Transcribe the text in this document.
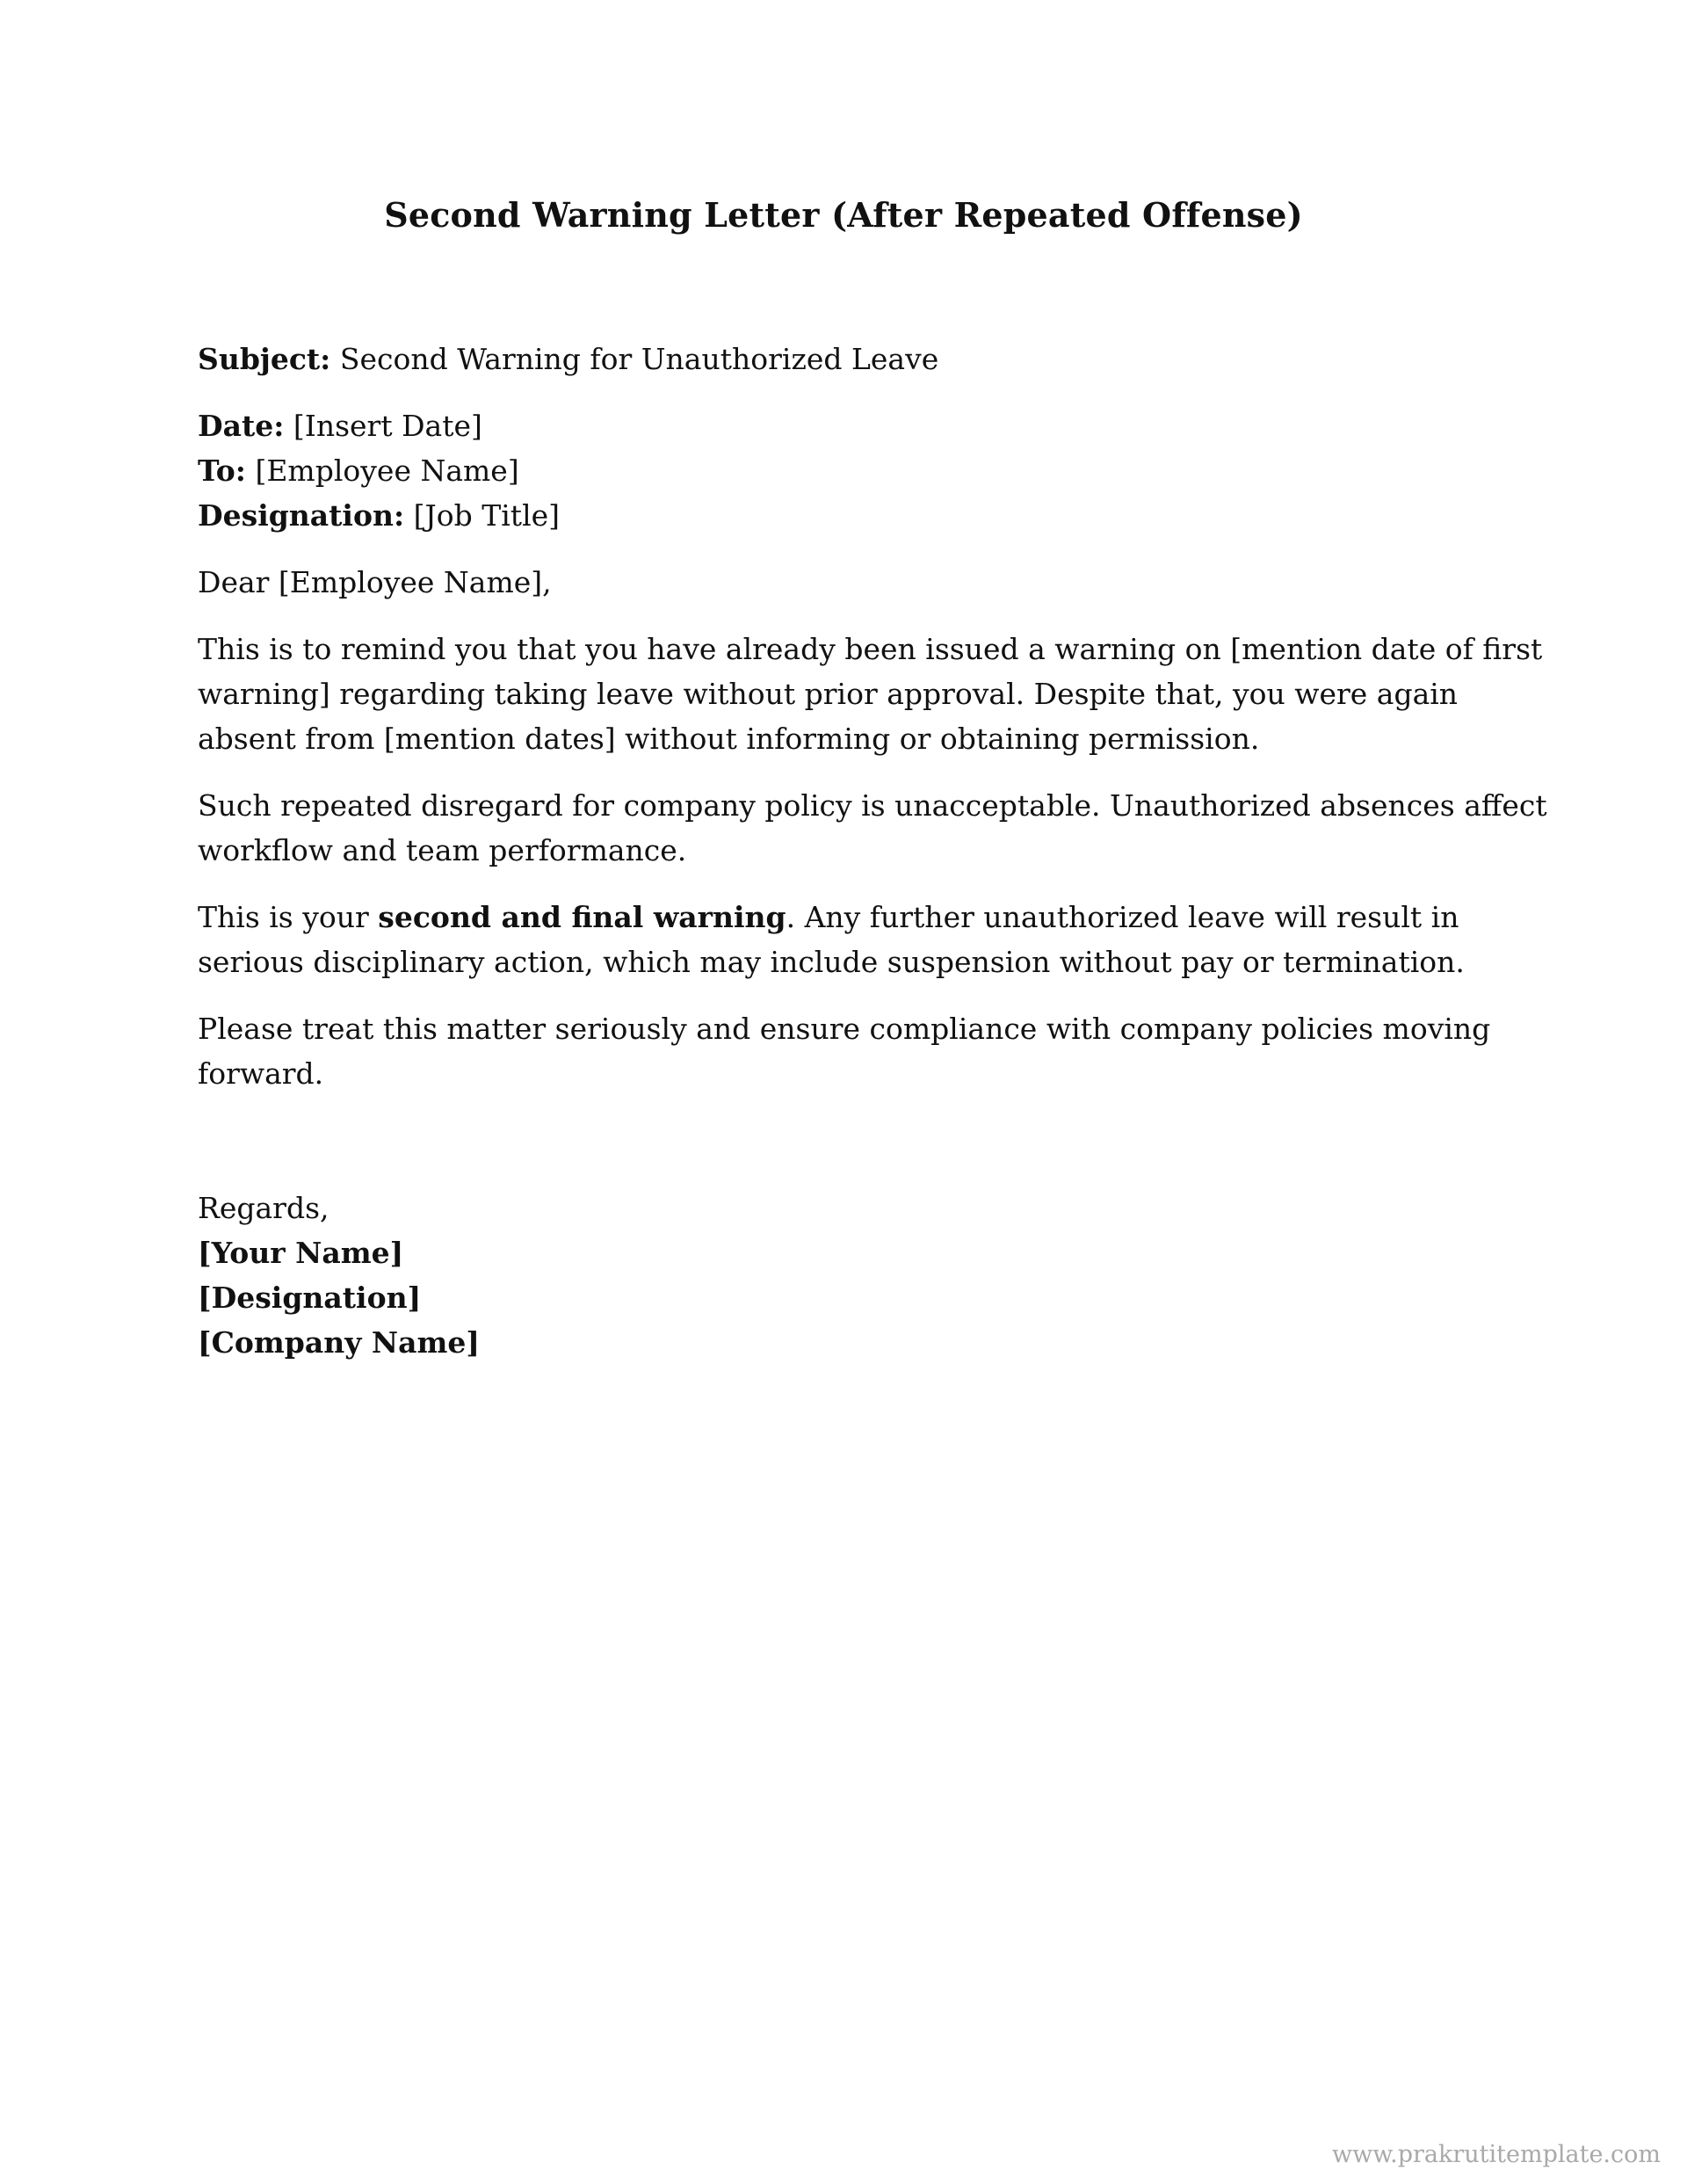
Second Warning Letter (After Repeated Offense)
Subject: Second Warning for Unauthorized Leave
Date: [Insert Date]
To: [Employee Name]
Designation: [Job Title]
Dear [Employee Name],
This is to remind you that you have already been issued a warning on [mention date of first
warning] regarding taking leave without prior approval. Despite that, you were again
absent from [mention dates] without informing or obtaining permission.
Such repeated disregard for company policy is unacceptable. Unauthorized absences affect
workflow and team performance.
This is your second and final warning. Any further unauthorized leave will result in
serious disciplinary action, which may include suspension without pay or termination.
Please treat this matter seriously and ensure compliance with company policies moving
forward.
Regards,
[Your Name]
[Designation]
[Company Name]
www.prakrutitemplate.com
